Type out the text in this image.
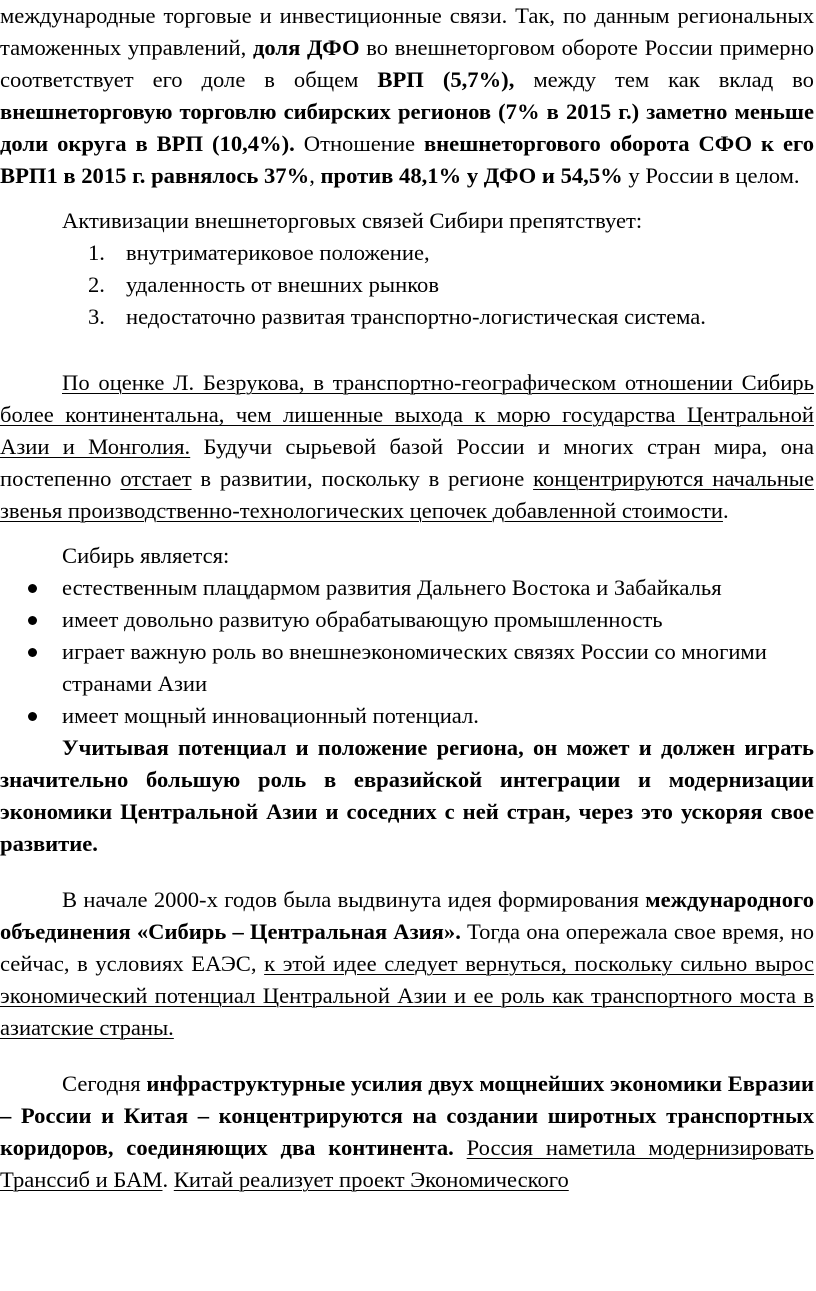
международные торговые и инвестиционные связи. Так, по данным региональных таможенных управлений, доля ДФО во внешнеторговом обороте России примерно соответствует его доле в общем ВРП (5,7%), между тем как вклад во внешнеторговую торговлю сибирских регионов (7% в 2015 г.) заметно меньше доли округа в ВРП (10,4%). Отношение внешнеторгового оборота СФО к его ВРП1 в 2015 г. равнялось 37%, против 48,1% у ДФО и 54,5% у России в целом.

Активизации внешнеторговых связей Сибири препятствует:

1. внутриматериковое положение,
2. удаленность от внешних рынков
3. недостаточно развитая транспортно-логистическая система.

По оценке Л. Безрукова, в транспортно-географическом отношении Сибирь более континентальна, чем лишенные выхода к морю государства Центральной Азии и Монголия. Будучи сырьевой базой России и многих стран мира, она постепенно отстает в развитии, поскольку в регионе концентрируются начальные звенья производственно-технологических цепочек добавленной стоимости.

Сибирь является:

естественным плацдармом развития Дальнего Востока и Забайкалья
имеет довольно развитую обрабатывающую промышленность
играет важную роль во внешнеэкономических связях России со многими странами Азии
имеет мощный инновационный потенциал.

Учитывая потенциал и положение региона, он может и должен играть значительно большую роль в евразийской интеграции и модернизации экономики Центральной Азии и соседних с ней стран, через это ускоряя свое развитие.

В начале 2000-х годов была выдвинута идея формирования международного объединения «Сибирь – Центральная Азия». Тогда она опережала свое время, но сейчас, в условиях ЕАЭС, к этой идее следует вернуться, поскольку сильно вырос экономический потенциал Центральной Азии и ее роль как транспортного моста в азиатские страны.

Сегодня инфраструктурные усилия двух мощнейших экономики Евразии – России и Китая – концентрируются на создании широтных транспортных коридоров, соединяющих два континента. Россия наметила модернизировать Транссиб и БАМ. Китай реализует проект Экономического
